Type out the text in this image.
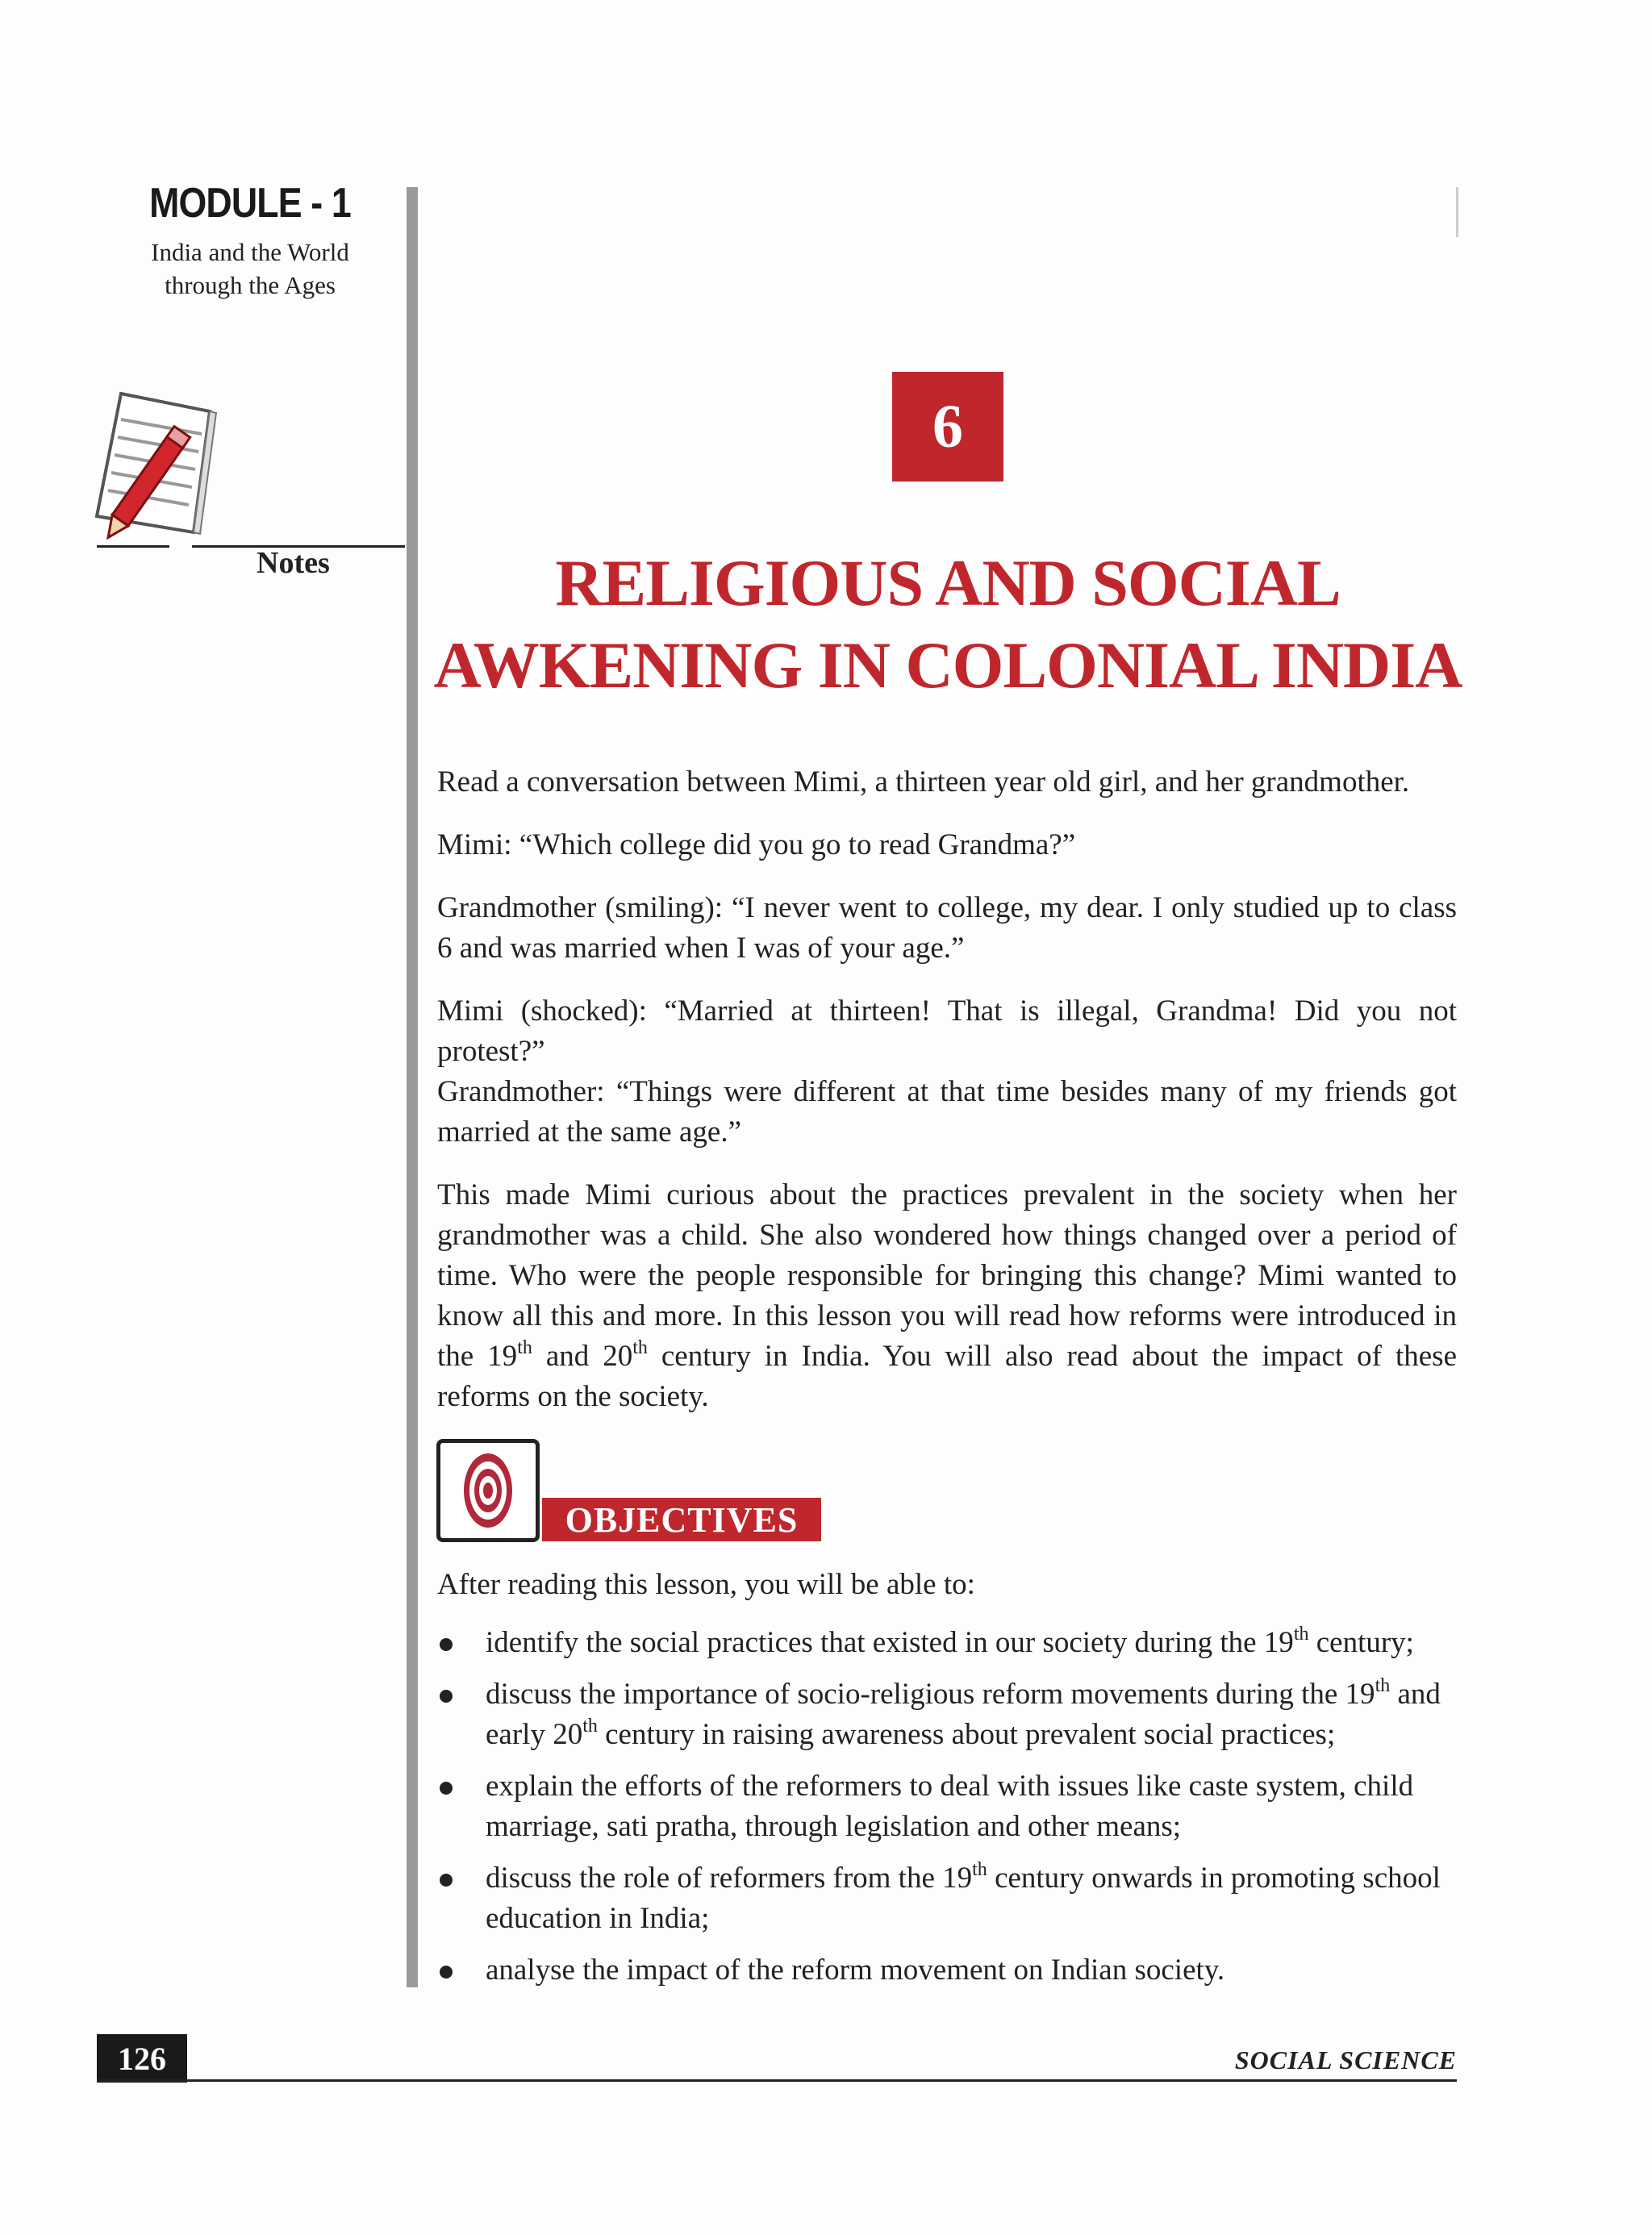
MODULE - 1
India and the World
through the Ages
Notes
6
RELIGIOUS AND SOCIAL
AWKENING IN COLONIAL INDIA

Read a conversation between Mimi, a thirteen year old girl, and her grandmother.

Mimi: “Which college did you go to read Grandma?”

Grandmother (smiling): “I never went to college, my dear. I only studied up to class 6 and was married when I was of your age.”

Mimi (shocked): “Married at thirteen! That is illegal, Grandma! Did you not protest?”

Grandmother: “Things were different at that time besides many of my friends got married at the same age.”

This made Mimi curious about the practices prevalent in the society when her grandmother was a child. She also wondered how things changed over a period of time. Who were the people responsible for bringing this change? Mimi wanted to know all this and more. In this lesson you will read how reforms were introduced in the 19th and 20th century in India. You will also read about the impact of these reforms on the society.

OBJECTIVES
After reading this lesson, you will be able to:
identify the social practices that existed in our society during the 19th century;
discuss the importance of socio-religious reform movements during the 19th and early 20th century in raising awareness about prevalent social practices;
explain the efforts of the reformers to deal with issues like caste system, child marriage, sati pratha, through legislation and other means;
discuss the role of reformers from the 19th century onwards in promoting school education in India;
analyse the impact of the reform movement on Indian society.
126	SOCIAL SCIENCE
